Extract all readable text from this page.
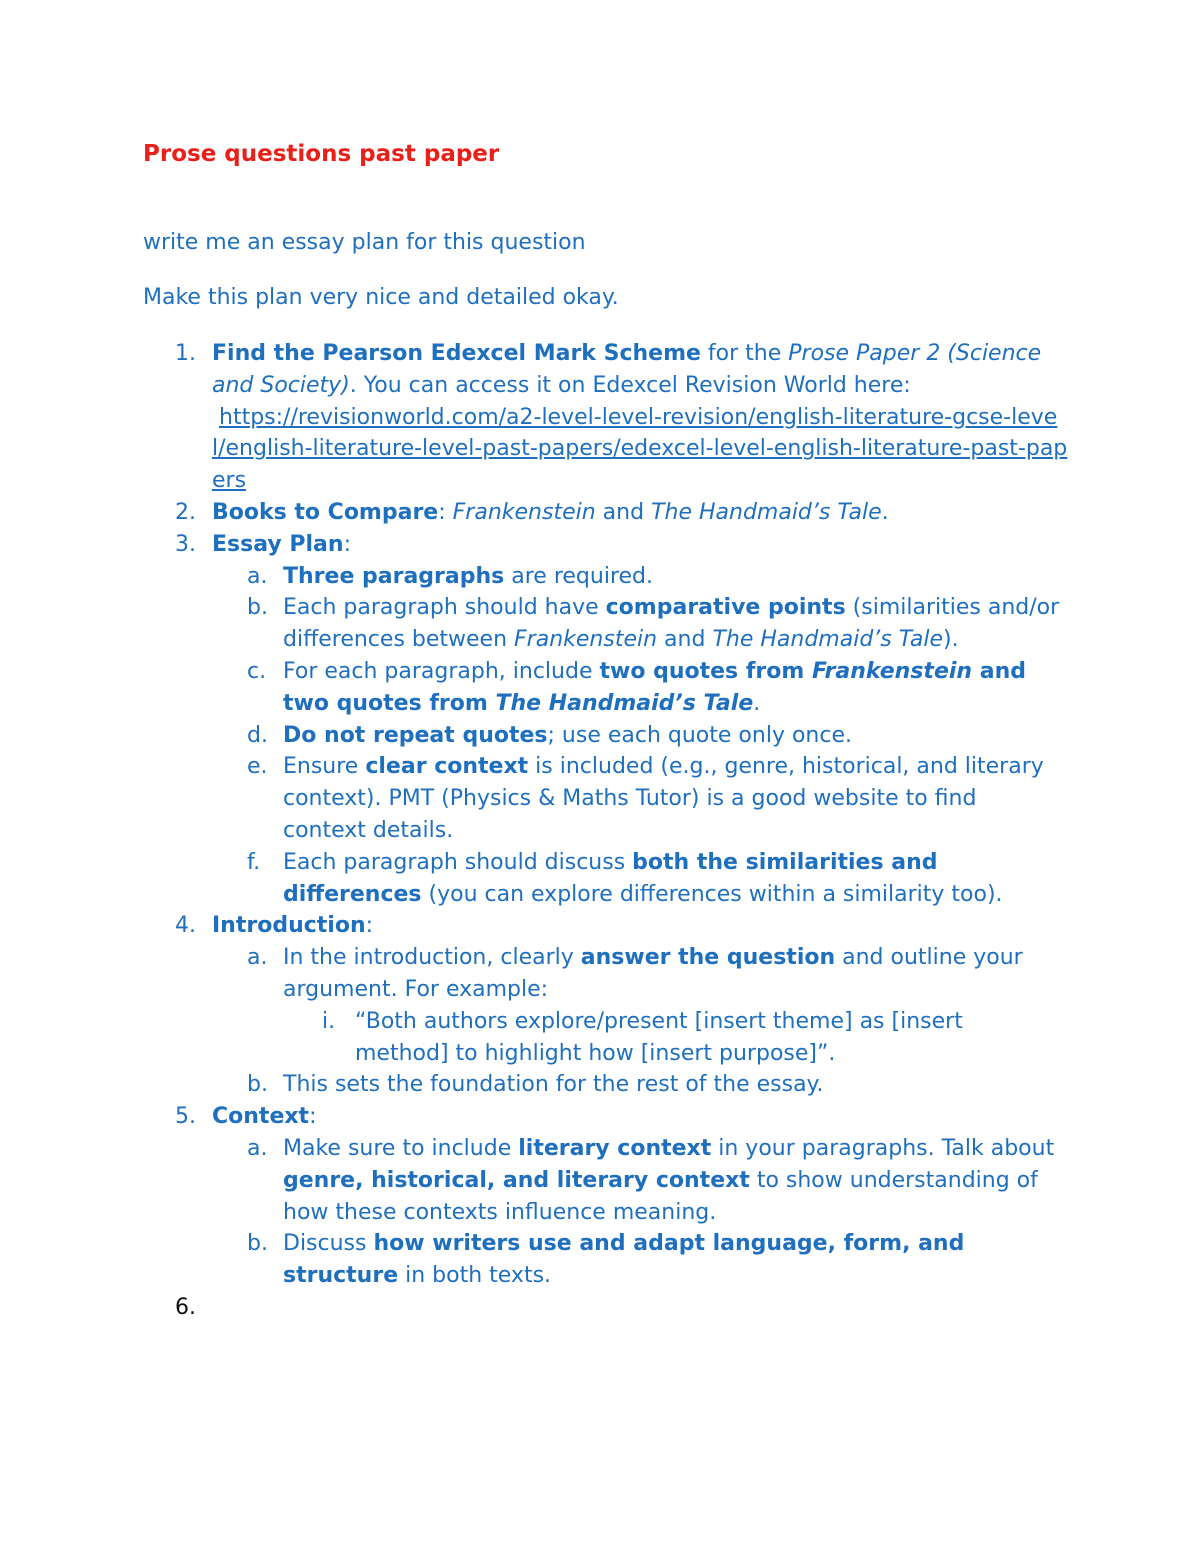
Prose questions past paper

write me an essay plan for this question

Make this plan very nice and detailed okay.

1. Find the Pearson Edexcel Mark Scheme for the Prose Paper 2 (Science and Society). You can access it on Edexcel Revision World here:
https://revisionworld.com/a2-level-level-revision/english-literature-gcse-level/english-literature-level-past-papers/edexcel-level-english-literature-past-papers
2. Books to Compare: Frankenstein and The Handmaid’s Tale.
3. Essay Plan:
a. Three paragraphs are required.
b. Each paragraph should have comparative points (similarities and/or differences between Frankenstein and The Handmaid’s Tale).
c. For each paragraph, include two quotes from Frankenstein and two quotes from The Handmaid’s Tale.
d. Do not repeat quotes; use each quote only once.
e. Ensure clear context is included (e.g., genre, historical, and literary context). PMT (Physics & Maths Tutor) is a good website to find context details.
f. Each paragraph should discuss both the similarities and differences (you can explore differences within a similarity too).
4. Introduction:
a. In the introduction, clearly answer the question and outline your argument. For example:
i. “Both authors explore/present [insert theme] as [insert method] to highlight how [insert purpose]”.
b. This sets the foundation for the rest of the essay.
5. Context:
a. Make sure to include literary context in your paragraphs. Talk about genre, historical, and literary context to show understanding of how these contexts influence meaning.
b. Discuss how writers use and adapt language, form, and structure in both texts.
6.
